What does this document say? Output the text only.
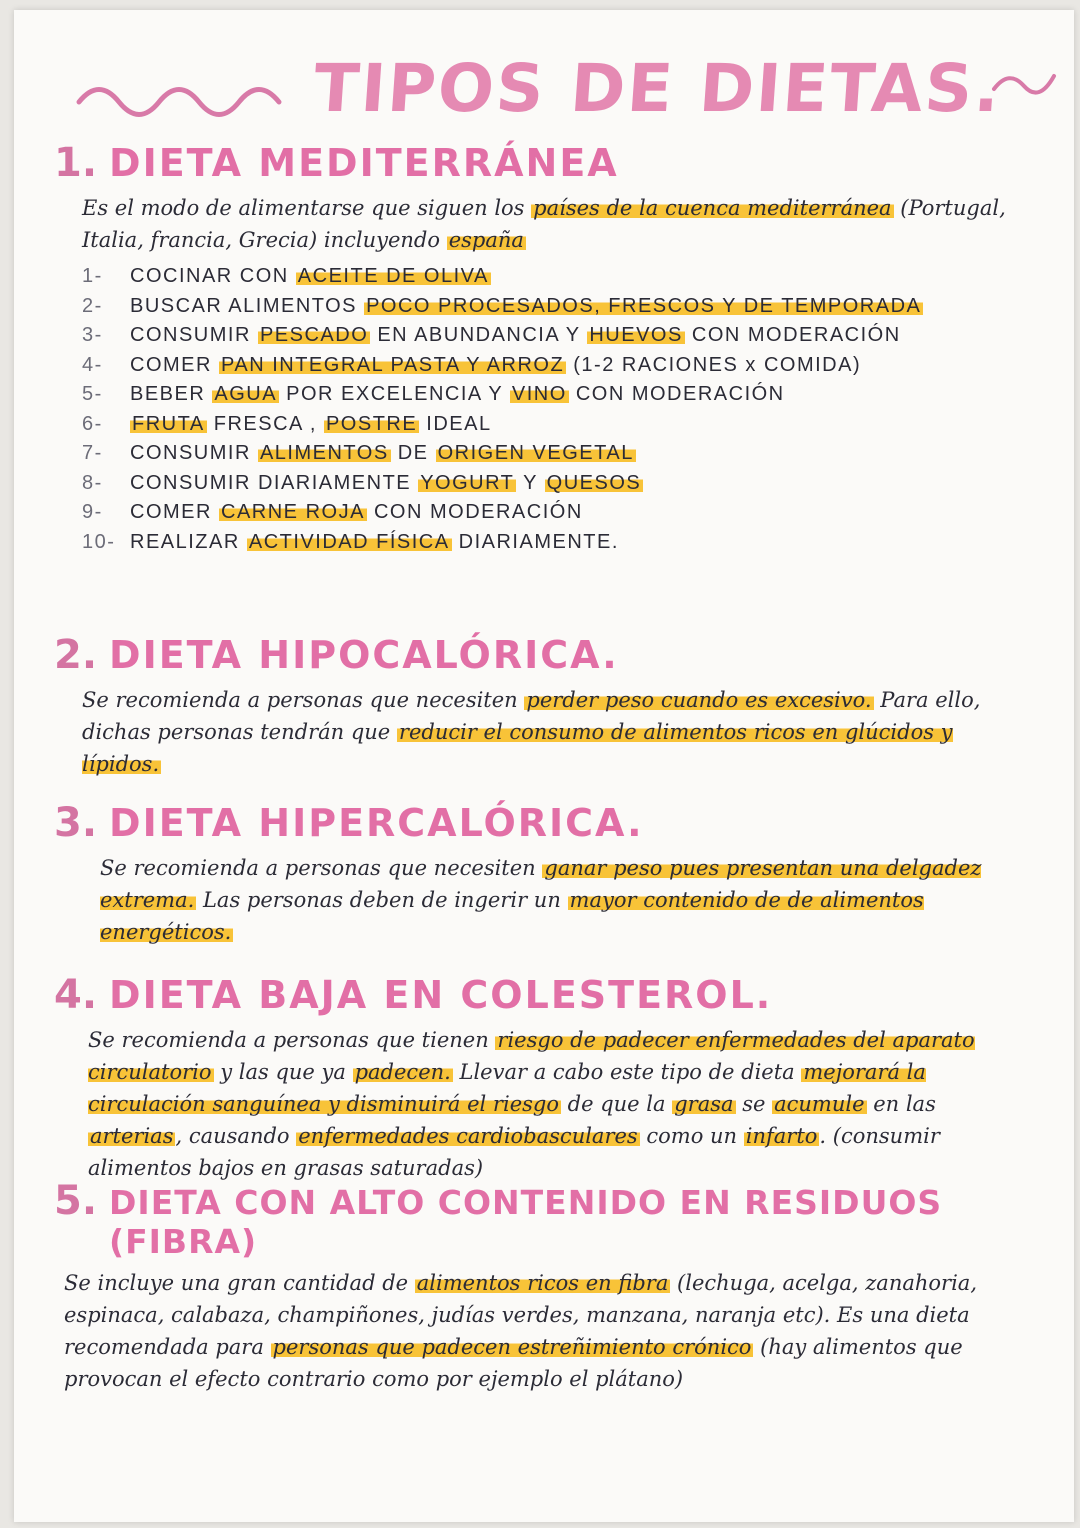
TIPOS DE DIETAS.
1. DIETA MEDITERRÁNEA
Es el modo de alimentarse que siguen los países de la cuenca mediterránea (Portugal, Italia, francia, Grecia) incluyendo españa
1- COCINAR CON ACEITE DE OLIVA
2- BUSCAR ALIMENTOS POCO PROCESADOS, FRESCOS Y DE TEMPORADA
3- CONSUMIR PESCADO EN ABUNDANCIA Y HUEVOS CON MODERACIÓN
4- COMER PAN INTEGRAL PASTA Y ARROZ (1-2 RACIONES x COMIDA)
5- BEBER AGUA POR EXCELENCIA Y VINO CON MODERACIÓN
6- FRUTA FRESCA , POSTRE IDEAL
7- CONSUMIR ALIMENTOS DE ORIGEN VEGETAL
8- CONSUMIR DIARIAMENTE YOGURT Y QUESOS
9- COMER CARNE ROJA CON MODERACIÓN
10- REALIZAR ACTIVIDAD FÍSICA DIARIAMENTE.
2. DIETA HIPOCALÓRICA.
Se recomienda a personas que necesiten perder peso cuando es excesivo. Para ello, dichas personas tendrán que reducir el consumo de alimentos ricos en glúcidos y lípidos.
3. DIETA HIPERCALÓRICA.
Se recomienda a personas que necesiten ganar peso pues presentan una delgadez extrema. Las personas deben de ingerir un mayor contenido de de alimentos energéticos.
4. DIETA BAJA EN COLESTEROL.
Se recomienda a personas que tienen riesgo de padecer enfermedades del aparato circulatorio y las que ya padecen. Llevar a cabo este tipo de dieta mejorará la circulación sanguínea y disminuirá el riesgo de que la grasa se acumule en las arterias, causando enfermedades cardiobasculares como un infarto. (consumir alimentos bajos en grasas saturadas)
5. DIETA CON ALTO CONTENIDO EN RESIDUOS (FIBRA)
Se incluye una gran cantidad de alimentos ricos en fibra (lechuga, acelga, zanahoria, espinaca, calabaza, champiñones, judías verdes, manzana, naranja etc). Es una dieta recomendada para personas que padecen estreñimiento crónico (hay alimentos que provocan el efecto contrario como por ejemplo el plátano)
